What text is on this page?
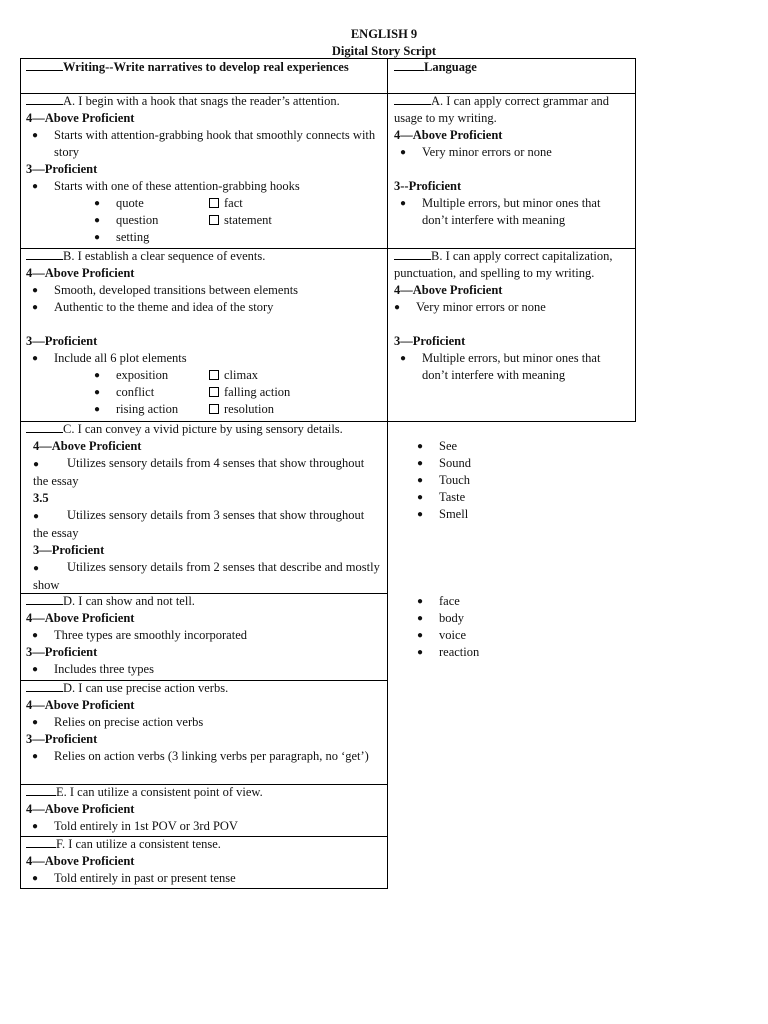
ENGLISH 9
Digital Story Script
Writing--Write narratives to develop real experiences	Language
A. I begin with a hook that snags the reader’s attention.
4—Above Proficient
● Starts with attention-grabbing hook that smoothly connects with story
3—Proficient
● Starts with one of these attention-grabbing hooks
● quote
● question
● setting
fact
statement
A. I can apply correct grammar and usage to my writing.
4—Above Proficient
● Very minor errors or none
3--Proficient
● Multiple errors, but minor ones that don’t interfere with meaning
B. I establish a clear sequence of events.
4—Above Proficient
● Smooth, developed transitions between elements
● Authentic to the theme and idea of the story
3—Proficient
● Include all 6 plot elements
● exposition
● conflict
● rising action
climax
falling action
resolution
B. I can apply correct capitalization, punctuation, and spelling to my writing.
4—Above Proficient
● Very minor errors or none
3—Proficient
● Multiple errors, but minor ones that don’t interfere with meaning
C. I can convey a vivid picture by using sensory details.
4—Above Proficient
● Utilizes sensory details from 4 senses that show throughout the essay
3.5
● Utilizes sensory details from 3 senses that show throughout the essay
3—Proficient
● Utilizes sensory details from 2 senses that describe and mostly show
● See
● Sound
● Touch
● Taste
● Smell
D. I can show and not tell.
4—Above Proficient
● Three types are smoothly incorporated
3—Proficient
● Includes three types
● face
● body
● voice
● reaction
D. I can use precise action verbs.
4—Above Proficient
● Relies on precise action verbs
3—Proficient
● Relies on action verbs (3 linking verbs per paragraph, no ‘get’)
E. I can utilize a consistent point of view.
4—Above Proficient
● Told entirely in 1st POV or 3rd POV
F. I can utilize a consistent tense.
4—Above Proficient
● Told entirely in past or present tense
